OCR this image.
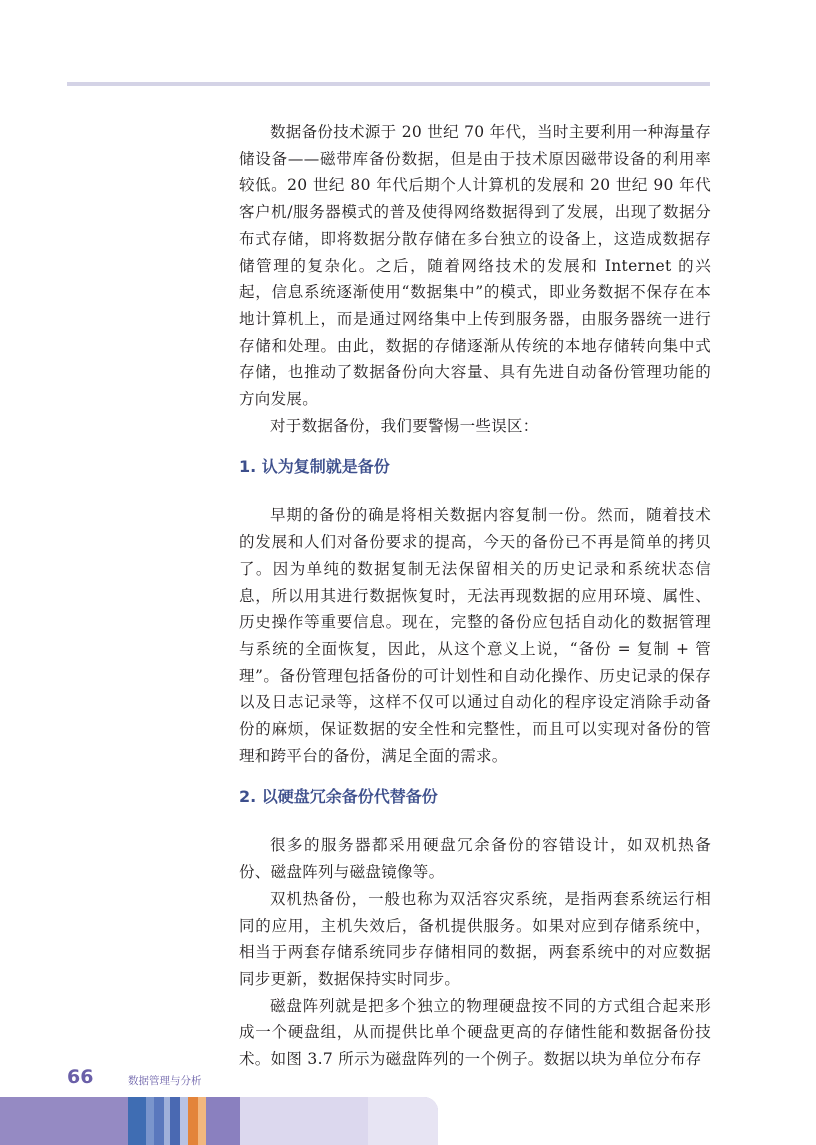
数据备份技术源于 20 世纪 70 年代，当时主要利用一种海量存储设备——磁带库备份数据，但是由于技术原因磁带设备的利用率较低。20 世纪 80 年代后期个人计算机的发展和 20 世纪 90 年代客户机/服务器模式的普及使得网络数据得到了发展，出现了数据分布式存储，即将数据分散存储在多台独立的设备上，这造成数据存储管理的复杂化。之后，随着网络技术的发展和 Internet 的兴起，信息系统逐渐使用“数据集中”的模式，即业务数据不保存在本地计算机上，而是通过网络集中上传到服务器，由服务器统一进行存储和处理。由此，数据的存储逐渐从传统的本地存储转向集中式存储，也推动了数据备份向大容量、具有先进自动备份管理功能的方向发展。

对于数据备份，我们要警惕一些误区：

1. 认为复制就是备份

早期的备份的确是将相关数据内容复制一份。然而，随着技术的发展和人们对备份要求的提高，今天的备份已不再是简单的拷贝了。因为单纯的数据复制无法保留相关的历史记录和系统状态信息，所以用其进行数据恢复时，无法再现数据的应用环境、属性、历史操作等重要信息。现在，完整的备份应包括自动化的数据管理与系统的全面恢复，因此，从这个意义上说，“备份 = 复制 + 管理”。备份管理包括备份的可计划性和自动化操作、历史记录的保存以及日志记录等，这样不仅可以通过自动化的程序设定消除手动备份的麻烦，保证数据的安全性和完整性，而且可以实现对备份的管理和跨平台的备份，满足全面的需求。

2. 以硬盘冗余备份代替备份

很多的服务器都采用硬盘冗余备份的容错设计，如双机热备份、磁盘阵列与磁盘镜像等。

双机热备份，一般也称为双活容灾系统，是指两套系统运行相同的应用，主机失效后，备机提供服务。如果对应到存储系统中，相当于两套存储系统同步存储相同的数据，两套系统中的对应数据同步更新，数据保持实时同步。

磁盘阵列就是把多个独立的物理硬盘按不同的方式组合起来形成一个硬盘组，从而提供比单个硬盘更高的存储性能和数据备份技术。如图 3.7 所示为磁盘阵列的一个例子。数据以块为单位分布存

66	数据管理与分析
